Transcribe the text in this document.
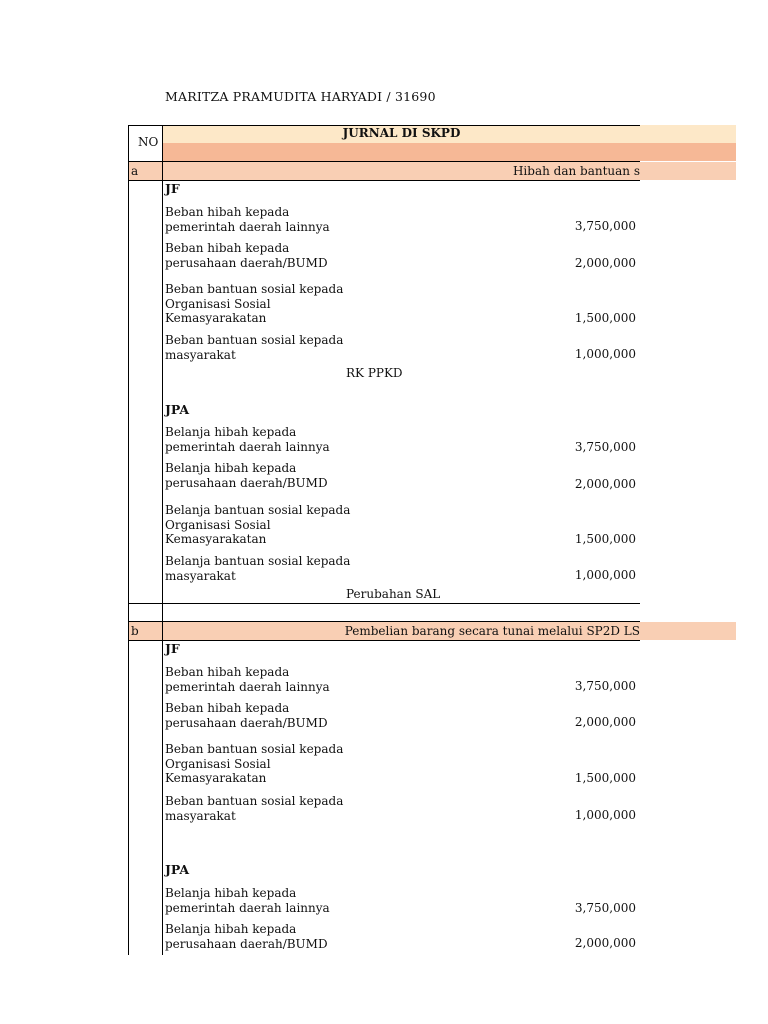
MARITZA PRAMUDITA HARYADI / 31690
NO
JURNAL DI SKPD
a	Hibah dan bantuan s
JF
Beban hibah kepada
pemerintah daerah lainnya	3,750,000
Beban hibah kepada
perusahaan daerah/BUMD	2,000,000
Beban bantuan sosial kepada
Organisasi Sosial
Kemasyarakatan	1,500,000
Beban bantuan sosial kepada
masyarakat	1,000,000
RK PPKD
JPA
Belanja hibah kepada
pemerintah daerah lainnya	3,750,000
Belanja hibah kepada
perusahaan daerah/BUMD	2,000,000
Belanja bantuan sosial kepada
Organisasi Sosial
Kemasyarakatan	1,500,000
Belanja bantuan sosial kepada
masyarakat	1,000,000
Perubahan SAL
b	Pembelian barang secara tunai melalui SP2D LS
JF
Beban hibah kepada
pemerintah daerah lainnya	3,750,000
Beban hibah kepada
perusahaan daerah/BUMD	2,000,000
Beban bantuan sosial kepada
Organisasi Sosial
Kemasyarakatan	1,500,000
Beban bantuan sosial kepada
masyarakat	1,000,000
JPA
Belanja hibah kepada
pemerintah daerah lainnya	3,750,000
Belanja hibah kepada
perusahaan daerah/BUMD	2,000,000
